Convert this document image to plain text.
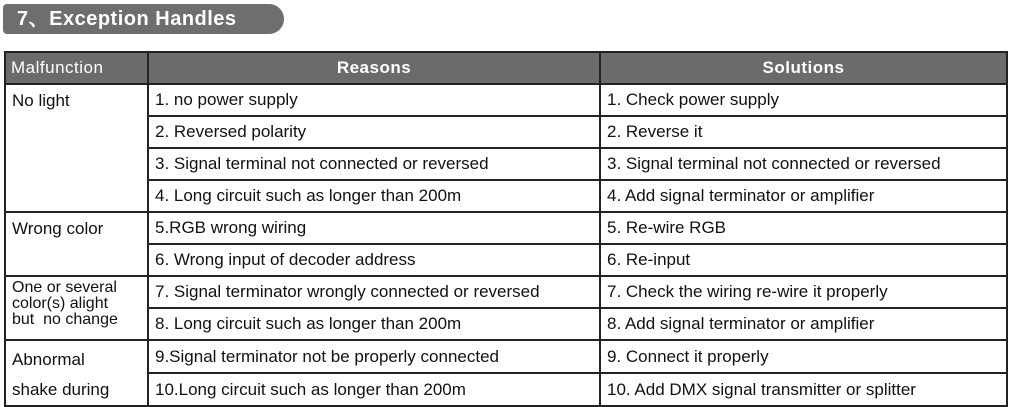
7、Exception Handles
Malfunction	Reasons	Solutions

No light	1. no power supply	1. Check power supply
	2. Reversed polarity	2. Reverse it
	3. Signal terminal not connected or reversed	3. Signal terminal not connected or reversed
	4. Long circuit such as longer than 200m	4. Add signal terminator or amplifier

Wrong color	5.RGB wrong wiring	5. Re-wire RGB
	6. Wrong input of decoder address	6. Re-input

One or several
color(s) alight
but  no change	7. Signal terminator wrongly connected or reversed	7. Check the wiring re-wire it properly
	8. Long circuit such as longer than 200m	8. Add signal terminator or amplifier

Abnormal
shake during	9.Signal terminator not be properly connected	9. Connect it properly
	10.Long circuit such as longer than 200m	10. Add DMX signal transmitter or splitter
